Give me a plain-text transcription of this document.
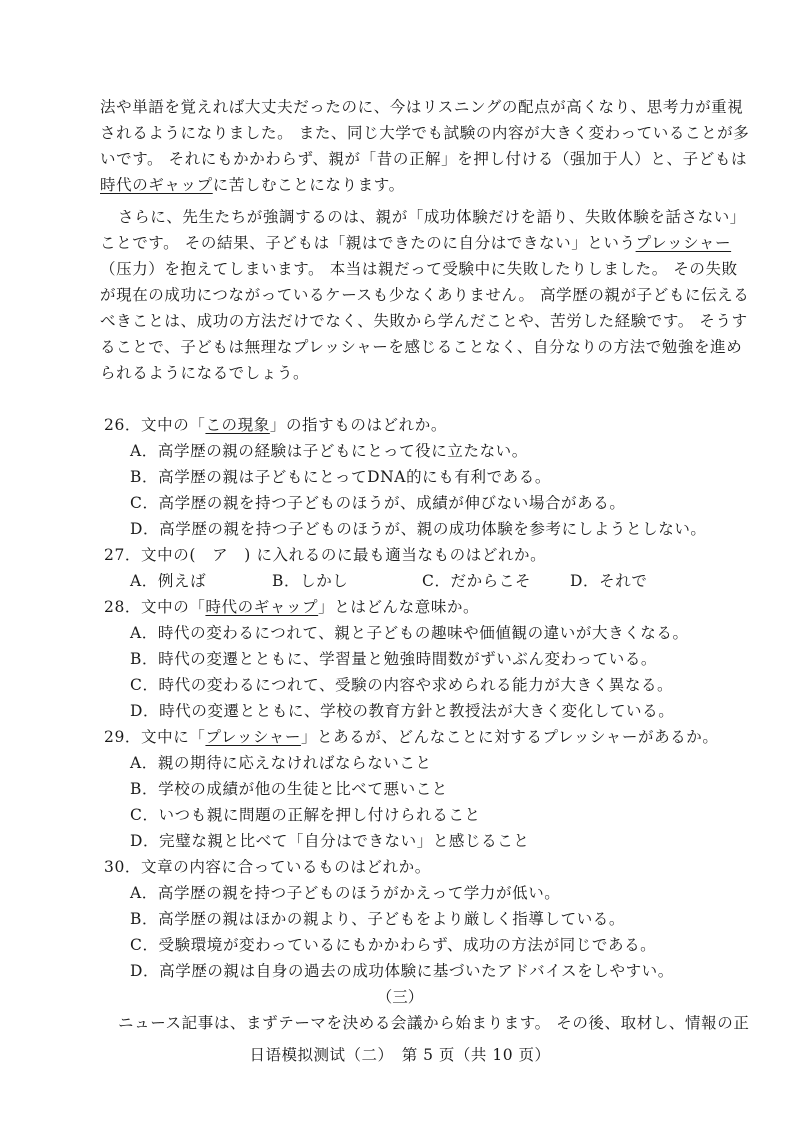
法や単語を覚えれば大丈夫だったのに、今はリスニングの配点が高くなり、思考力が重視
されるようになりました。 また、同じ大学でも試験の内容が大きく変わっていることが多
いです。 それにもかかわらず、親が「昔の正解」を押し付ける（强加于人）と、子どもは
時代のギャップに苦しむことになります。
さらに、先生たちが強調するのは、親が「成功体験だけを語り、失敗体験を話さない」
ことです。 その結果、子どもは「親はできたのに自分はできない」というプレッシャー
（压力）を抱えてしまいます。 本当は親だって受験中に失敗したりしました。 その失敗
が現在の成功につながっているケースも少なくありません。 高学歴の親が子どもに伝える
べきことは、成功の方法だけでなく、失敗から学んだことや、苦労した経験です。 そうす
ることで、子どもは無理なプレッシャーを感じることなく、自分なりの方法で勉強を進め
られるようになるでしょう。
26．文中の「この現象」の指すものはどれか。
A．高学歴の親の経験は子どもにとって役に立たない。
B．高学歴の親は子どもにとってDNA的にも有利である。
C．高学歴の親を持つ子どものほうが、成績が伸びない場合がある。
D．高学歴の親を持つ子どものほうが、親の成功体験を参考にしようとしない。
27．文中の(　ア　) に入れるのに最も適当なものはどれか。
A．例えば	B．しかし	C．だからこそ	D．それで
28．文中の「時代のギャップ」とはどんな意味か。
A．時代の変わるにつれて、親と子どもの趣味や価値観の違いが大きくなる。
B．時代の変遷とともに、学習量と勉強時間数がずいぶん変わっている。
C．時代の変わるにつれて、受験の内容や求められる能力が大きく異なる。
D．時代の変遷とともに、学校の教育方針と教授法が大きく変化している。
29．文中に「プレッシャー」とあるが、どんなことに対するプレッシャーがあるか。
A．親の期待に応えなければならないこと
B．学校の成績が他の生徒と比べて悪いこと
C．いつも親に問題の正解を押し付けられること
D．完璧な親と比べて「自分はできない」と感じること
30．文章の内容に合っているものはどれか。
A．高学歴の親を持つ子どものほうがかえって学力が低い。
B．高学歴の親はほかの親より、子どもをより厳しく指導している。
C．受験環境が変わっているにもかかわらず、成功の方法が同じである。
D．高学歴の親は自身の過去の成功体験に基づいたアドバイスをしやすい。
（三）
ニュース記事は、まずテーマを決める会議から始まります。 その後、取材し、情報の正
日语模拟测试（二）　第 5 页（共 10 页）
